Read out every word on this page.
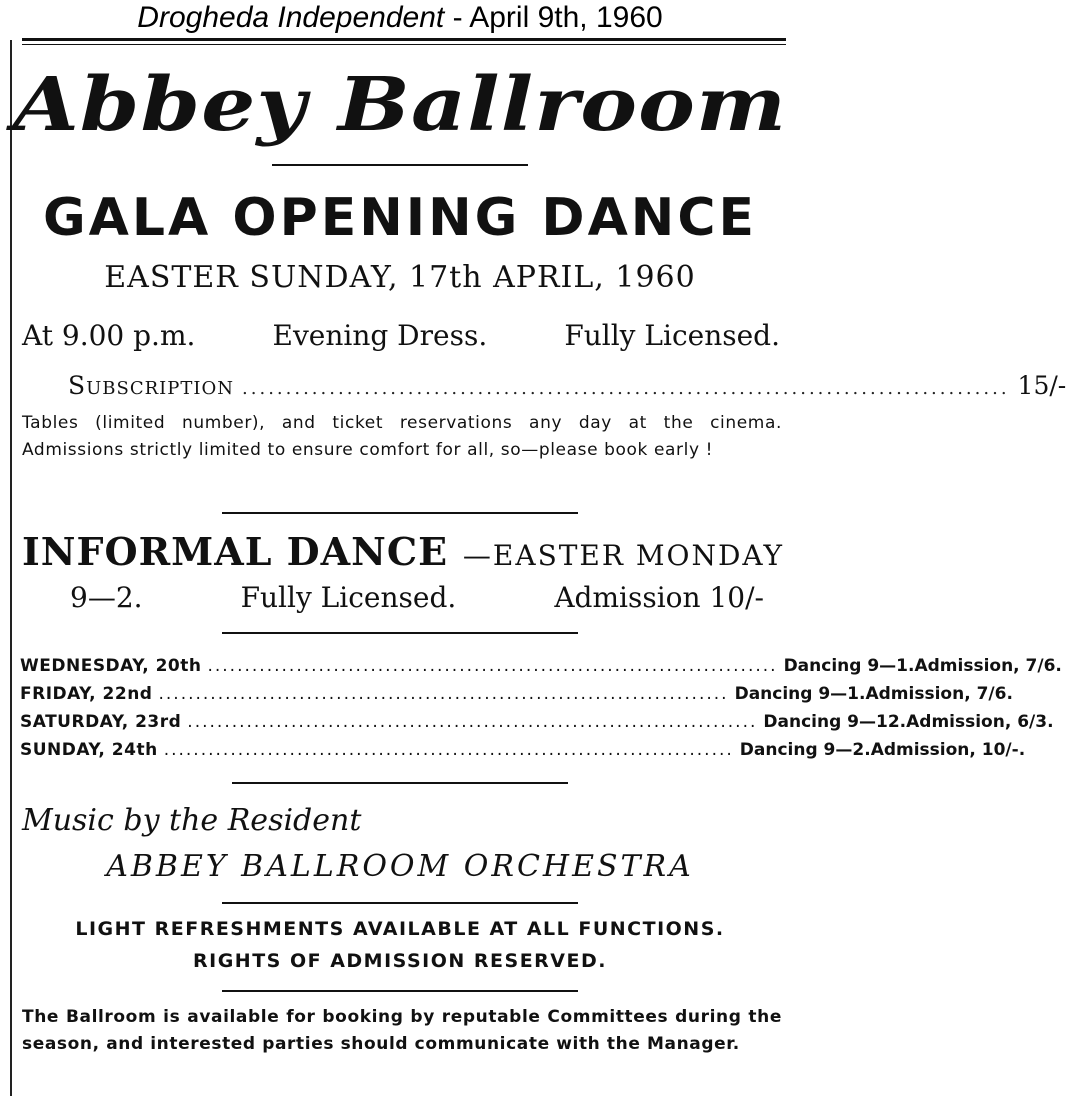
Drogheda Independent - April 9th, 1960
Abbey Ballroom
GALA OPENING DANCE
EASTER SUNDAY, 17th APRIL, 1960
At 9.00 p.m.	Evening Dress.	Fully Licensed.
Subscription ........................................................................................ 15/-
Tables (limited number), and ticket reservations any day at the cinema. Admissions strictly limited to ensure comfort for all, so—please book early !
INFORMAL DANCE —EASTER MONDAY
9—2.	Fully Licensed.	Admission 10/-
WEDNESDAY, 20th ............................................................................. Dancing 9—1. Admission, 7/6.
FRIDAY, 22nd ............................................................................. Dancing 9—1. Admission, 7/6.
SATURDAY, 23rd ............................................................................. Dancing 9—12. Admission, 6/3.
SUNDAY, 24th ............................................................................. Dancing 9—2. Admission, 10/-.
Music by the Resident
ABBEY BALLROOM ORCHESTRA
LIGHT REFRESHMENTS AVAILABLE AT ALL FUNCTIONS.
RIGHTS OF ADMISSION RESERVED.
The Ballroom is available for booking by reputable Committees during the season, and interested parties should communicate with the Manager.
